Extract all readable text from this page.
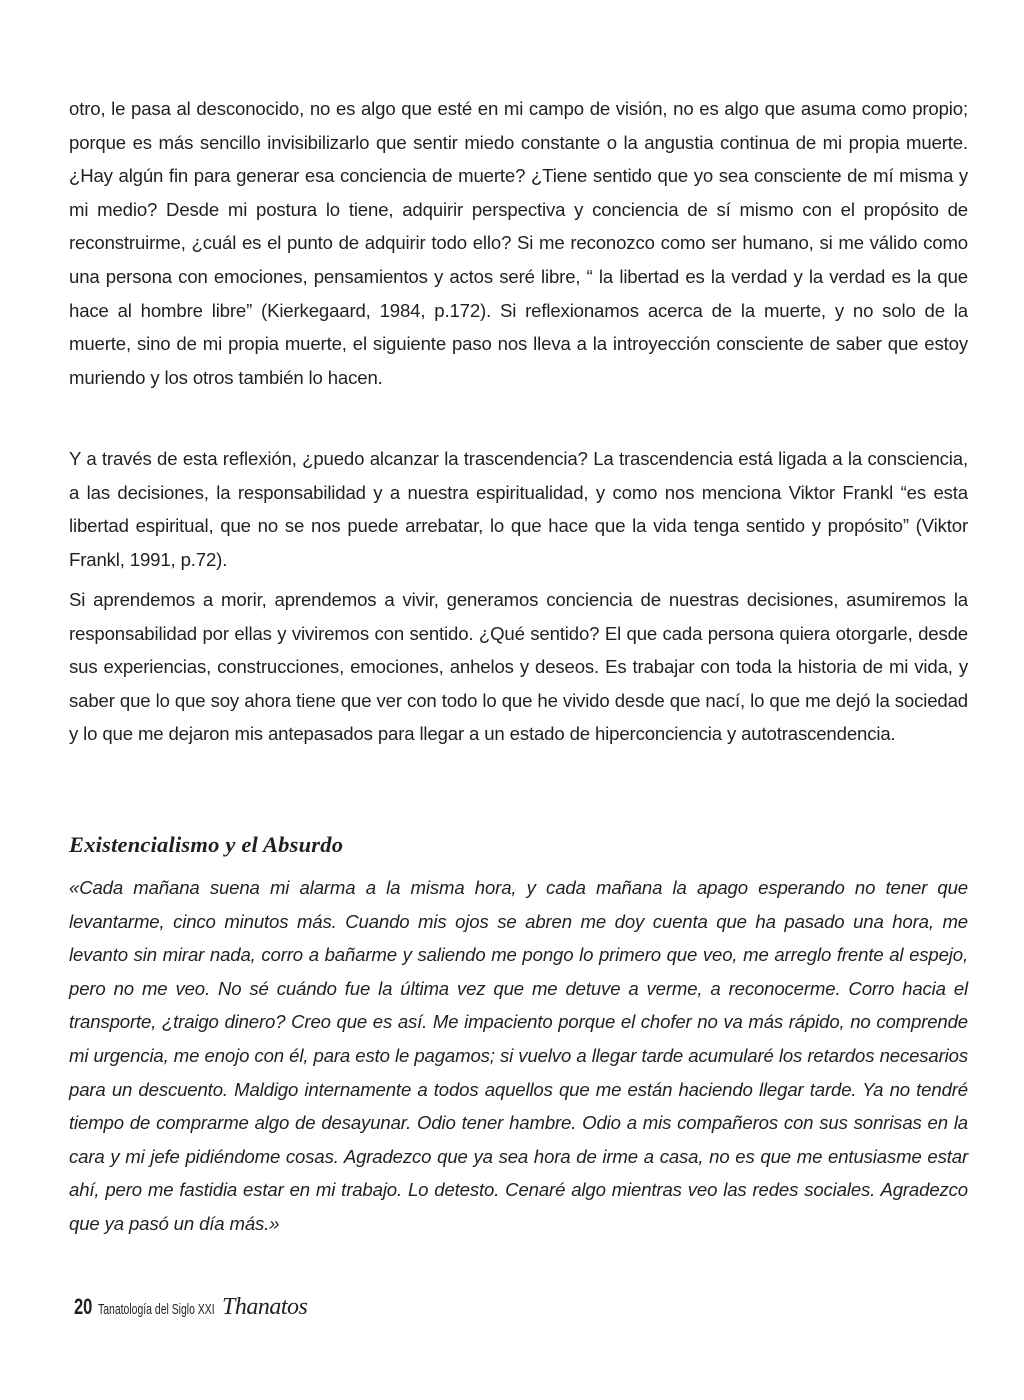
otro, le pasa al desconocido, no es algo que esté en mi campo de visión, no es algo que asuma como propio; porque es más sencillo invisibilizarlo que sentir miedo constante o la angustia continua de mi propia muerte. ¿Hay algún fin para generar esa conciencia de muerte? ¿Tiene sentido que yo sea consciente de mí misma y mi medio? Desde mi postura lo tiene, adquirir perspectiva y conciencia de sí mismo con el propósito de reconstruirme, ¿cuál es el punto de adquirir todo ello? Si me reconozco como ser humano, si me válido como una persona con emociones, pensamientos y actos seré libre, “ la libertad es la verdad y la verdad es la que hace al hombre libre” (Kierkegaard, 1984, p.172). Si reflexionamos acerca de la muerte, y no solo de la muerte, sino de mi propia muerte, el siguiente paso nos lleva a la introyección consciente de saber que estoy muriendo y los otros también lo hacen.

Y a través de esta reflexión, ¿puedo alcanzar la trascendencia? La trascendencia está ligada a la consciencia, a las decisiones, la responsabilidad y a nuestra espiritualidad, y como nos menciona Viktor Frankl “es esta libertad espiritual, que no se nos puede arrebatar, lo que hace que la vida tenga sentido y propósito” (Viktor Frankl, 1991, p.72).

Si aprendemos a morir, aprendemos a vivir, generamos conciencia de nuestras decisiones, asumiremos la responsabilidad por ellas y viviremos con sentido. ¿Qué sentido? El que cada persona quiera otorgarle, desde sus experiencias, construcciones, emociones, anhelos y deseos. Es trabajar con toda la historia de mi vida, y saber que lo que soy ahora tiene que ver con todo lo que he vivido desde que nací, lo que me dejó la sociedad y lo que me dejaron mis antepasados para llegar a un estado de hiperconciencia y autotrascendencia.

Existencialismo y el Absurdo

«Cada mañana suena mi alarma a la misma hora, y cada mañana la apago esperando no tener que levantarme, cinco minutos más. Cuando mis ojos se abren me doy cuenta que ha pasado una hora, me levanto sin mirar nada, corro a bañarme y saliendo me pongo lo primero que veo, me arreglo frente al espejo, pero no me veo. No sé cuándo fue la última vez que me detuve a verme, a reconocerme. Corro hacia el transporte, ¿traigo dinero? Creo que es así. Me impaciento porque el chofer no va más rápido, no comprende mi urgencia, me enojo con él, para esto le pagamos; si vuelvo a llegar tarde acumularé los retardos necesarios para un descuento. Maldigo internamente a todos aquellos que me están haciendo llegar tarde. Ya no tendré tiempo de comprarme algo de desayunar. Odio tener hambre. Odio a mis compañeros con sus sonrisas en la cara y mi jefe pidiéndome cosas. Agradezco que ya sea hora de irme a casa, no es que me entusiasme estar ahí, pero me fastidia estar en mi trabajo. Lo detesto. Cenaré algo mientras veo las redes sociales. Agradezco que ya pasó un día más.»

20 Tanatología del Siglo XXI Thanatos
